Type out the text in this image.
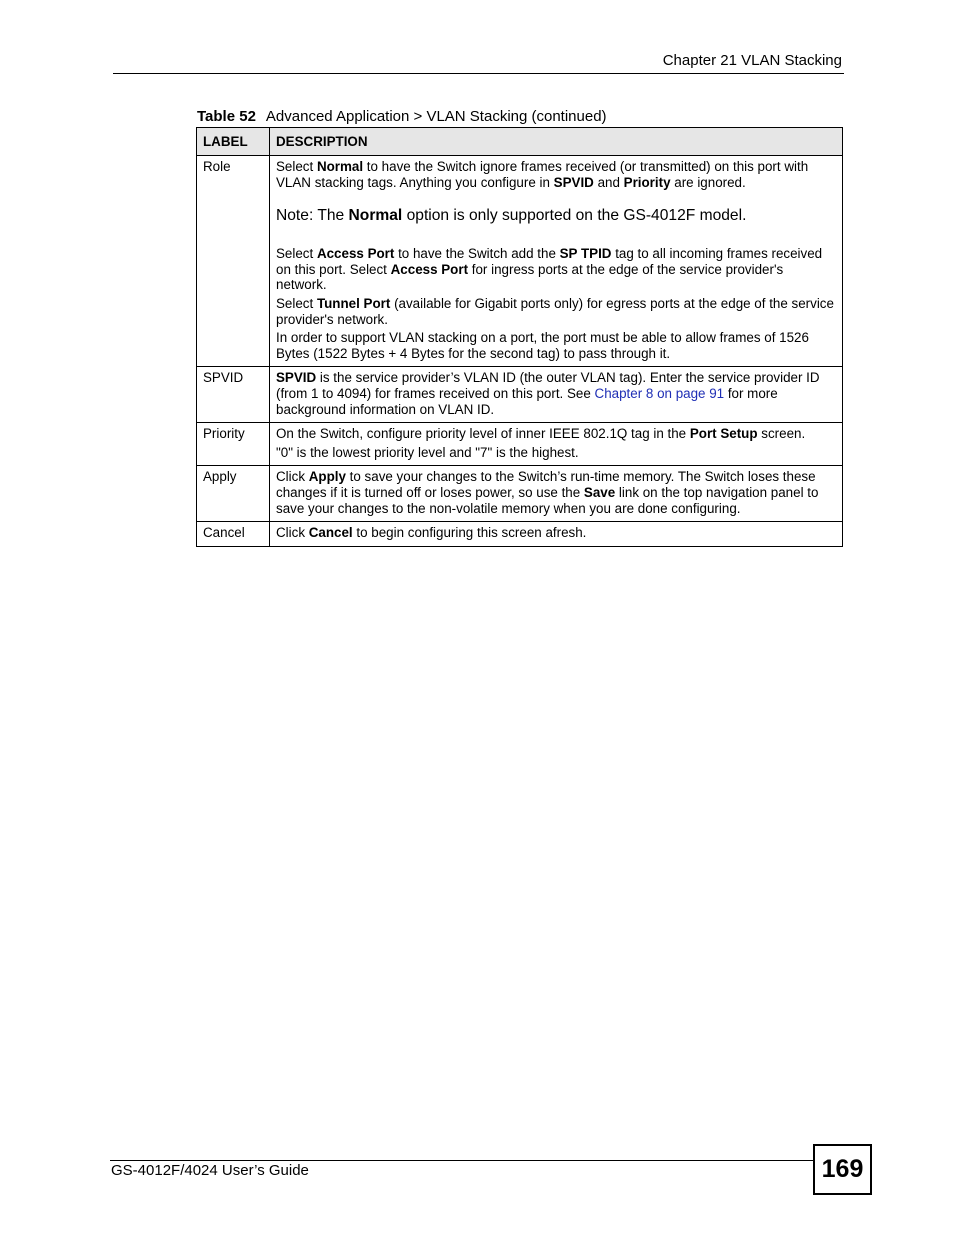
Chapter 21 VLAN Stacking
Table 52 Advanced Application > VLAN Stacking (continued)
LABEL	DESCRIPTION
Role	Select Normal to have the Switch ignore frames received (or transmitted) on this port with VLAN stacking tags. Anything you configure in SPVID and Priority are ignored.

Note: The Normal option is only supported on the GS-4012F model.

Select Access Port to have the Switch add the SP TPID tag to all incoming frames received on this port. Select Access Port for ingress ports at the edge of the service provider's network.

Select Tunnel Port (available for Gigabit ports only) for egress ports at the edge of the service provider's network.

In order to support VLAN stacking on a port, the port must be able to allow frames of 1526 Bytes (1522 Bytes + 4 Bytes for the second tag) to pass through it.

SPVID	SPVID is the service provider’s VLAN ID (the outer VLAN tag). Enter the service provider ID (from 1 to 4094) for frames received on this port. See Chapter 8 on page 91 for more background information on VLAN ID.

Priority	On the Switch, configure priority level of inner IEEE 802.1Q tag in the Port Setup screen.

"0" is the lowest priority level and "7" is the highest.

Apply	Click Apply to save your changes to the Switch’s run-time memory. The Switch loses these changes if it is turned off or loses power, so use the Save link on the top navigation panel to save your changes to the non-volatile memory when you are done configuring.

Cancel	Click Cancel to begin configuring this screen afresh.

GS-4012F/4024 User’s Guide	169
